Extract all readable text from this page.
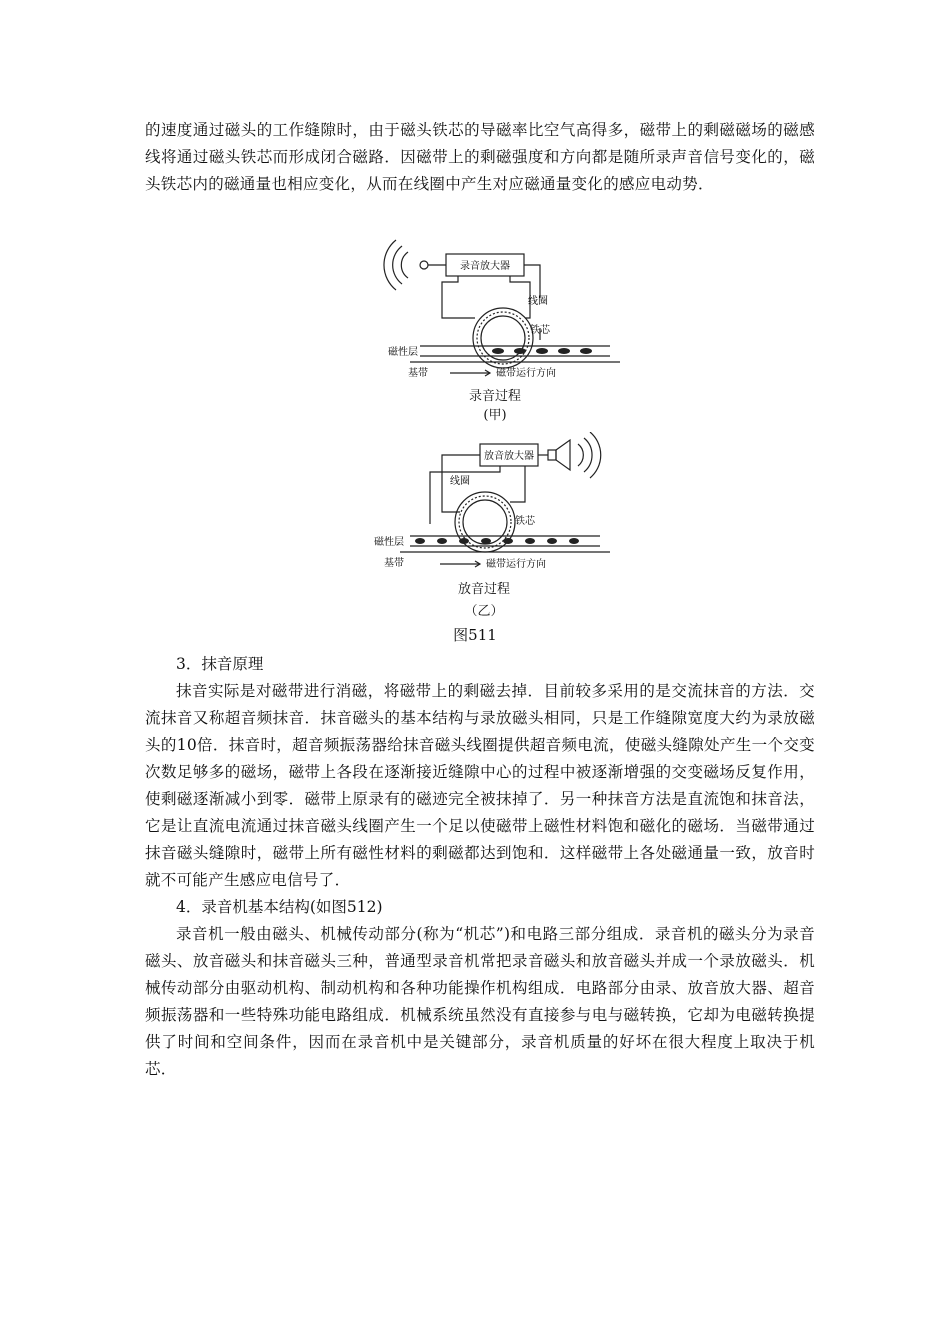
的速度通过磁头的工作缝隙时，由于磁头铁芯的导磁率比空气高得多，磁带上的剩磁磁场的磁感线将通过磁头铁芯而形成闭合磁路．因磁带上的剩磁强度和方向都是随所录声音信号变化的，磁头铁芯内的磁通量也相应变化，从而在线圈中产生对应磁通量变化的感应电动势．

录音放大器
线圈
铁芯
磁性层
基带	磁带运行方向
录音过程
(甲)
放音放大器
线圈
铁芯
磁性层
基带	磁带运行方向
放音过程
（乙）
图511

3．抹音原理

抹音实际是对磁带进行消磁，将磁带上的剩磁去掉．目前较多采用的是交流抹音的方法．交流抹音又称超音频抹音．抹音磁头的基本结构与录放磁头相同，只是工作缝隙宽度大约为录放磁头的10倍．抹音时，超音频振荡器给抹音磁头线圈提供超音频电流，使磁头缝隙处产生一个交变次数足够多的磁场，磁带上各段在逐渐接近缝隙中心的过程中被逐渐增强的交变磁场反复作用，使剩磁逐渐减小到零．磁带上原录有的磁迹完全被抹掉了．另一种抹音方法是直流饱和抹音法，它是让直流电流通过抹音磁头线圈产生一个足以使磁带上磁性材料饱和磁化的磁场．当磁带通过抹音磁头缝隙时，磁带上所有磁性材料的剩磁都达到饱和．这样磁带上各处磁通量一致，放音时就不可能产生感应电信号了．

4．录音机基本结构(如图512)

录音机一般由磁头、机械传动部分(称为“机芯”)和电路三部分组成．录音机的磁头分为录音磁头、放音磁头和抹音磁头三种，普通型录音机常把录音磁头和放音磁头并成一个录放磁头．机械传动部分由驱动机构、制动机构和各种功能操作机构组成．电路部分由录、放音放大器、超音频振荡器和一些特殊功能电路组成．机械系统虽然没有直接参与电与磁转换，它却为电磁转换提供了时间和空间条件，因而在录音机中是关键部分，录音机质量的好坏在很大程度上取决于机芯．
